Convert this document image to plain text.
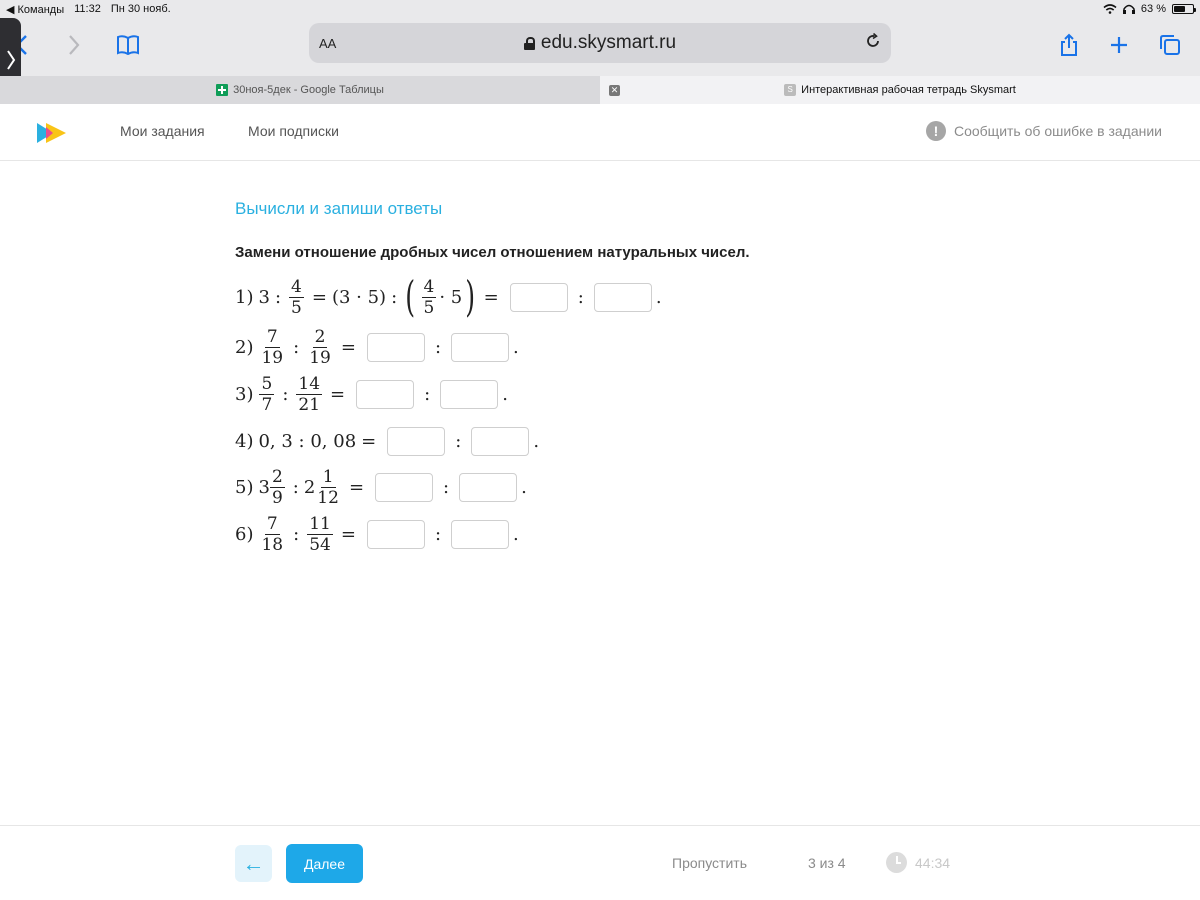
◀ Команды 11:32 Пн 30 нояб.	63 %
AA	edu.skysmart.ru
30ноя-5дек - Google Таблицы	✕	S Интерактивная рабочая тетрадь Skysmart
Мои задания	Мои подписки	!	Сообщить об ошибке в задании
Вычисли и запиши ответы
Замени отношение дробных чисел отношением натуральных чисел.
1) 3 : $\frac{4}{5} = (3 \cdot 5)$ : ( $\frac{4}{5} \cdot 5$ ) =	:	.
$2) \frac{7}{19}$ : $\frac{2}{19}$ =	:	.
$3) \frac{5}{7}$ : $\frac{14}{21}$ =	:	.
4) 0, 3 : 0, 08 =	:	.
5) $3 \frac{2}{9}$ : $2 \frac{1}{12}$ =	:	.
$6) \frac{7}{18}$ : $\frac{11}{54}$ =	:	.
←	Далее	Пропустить	3 из 4	44:34
